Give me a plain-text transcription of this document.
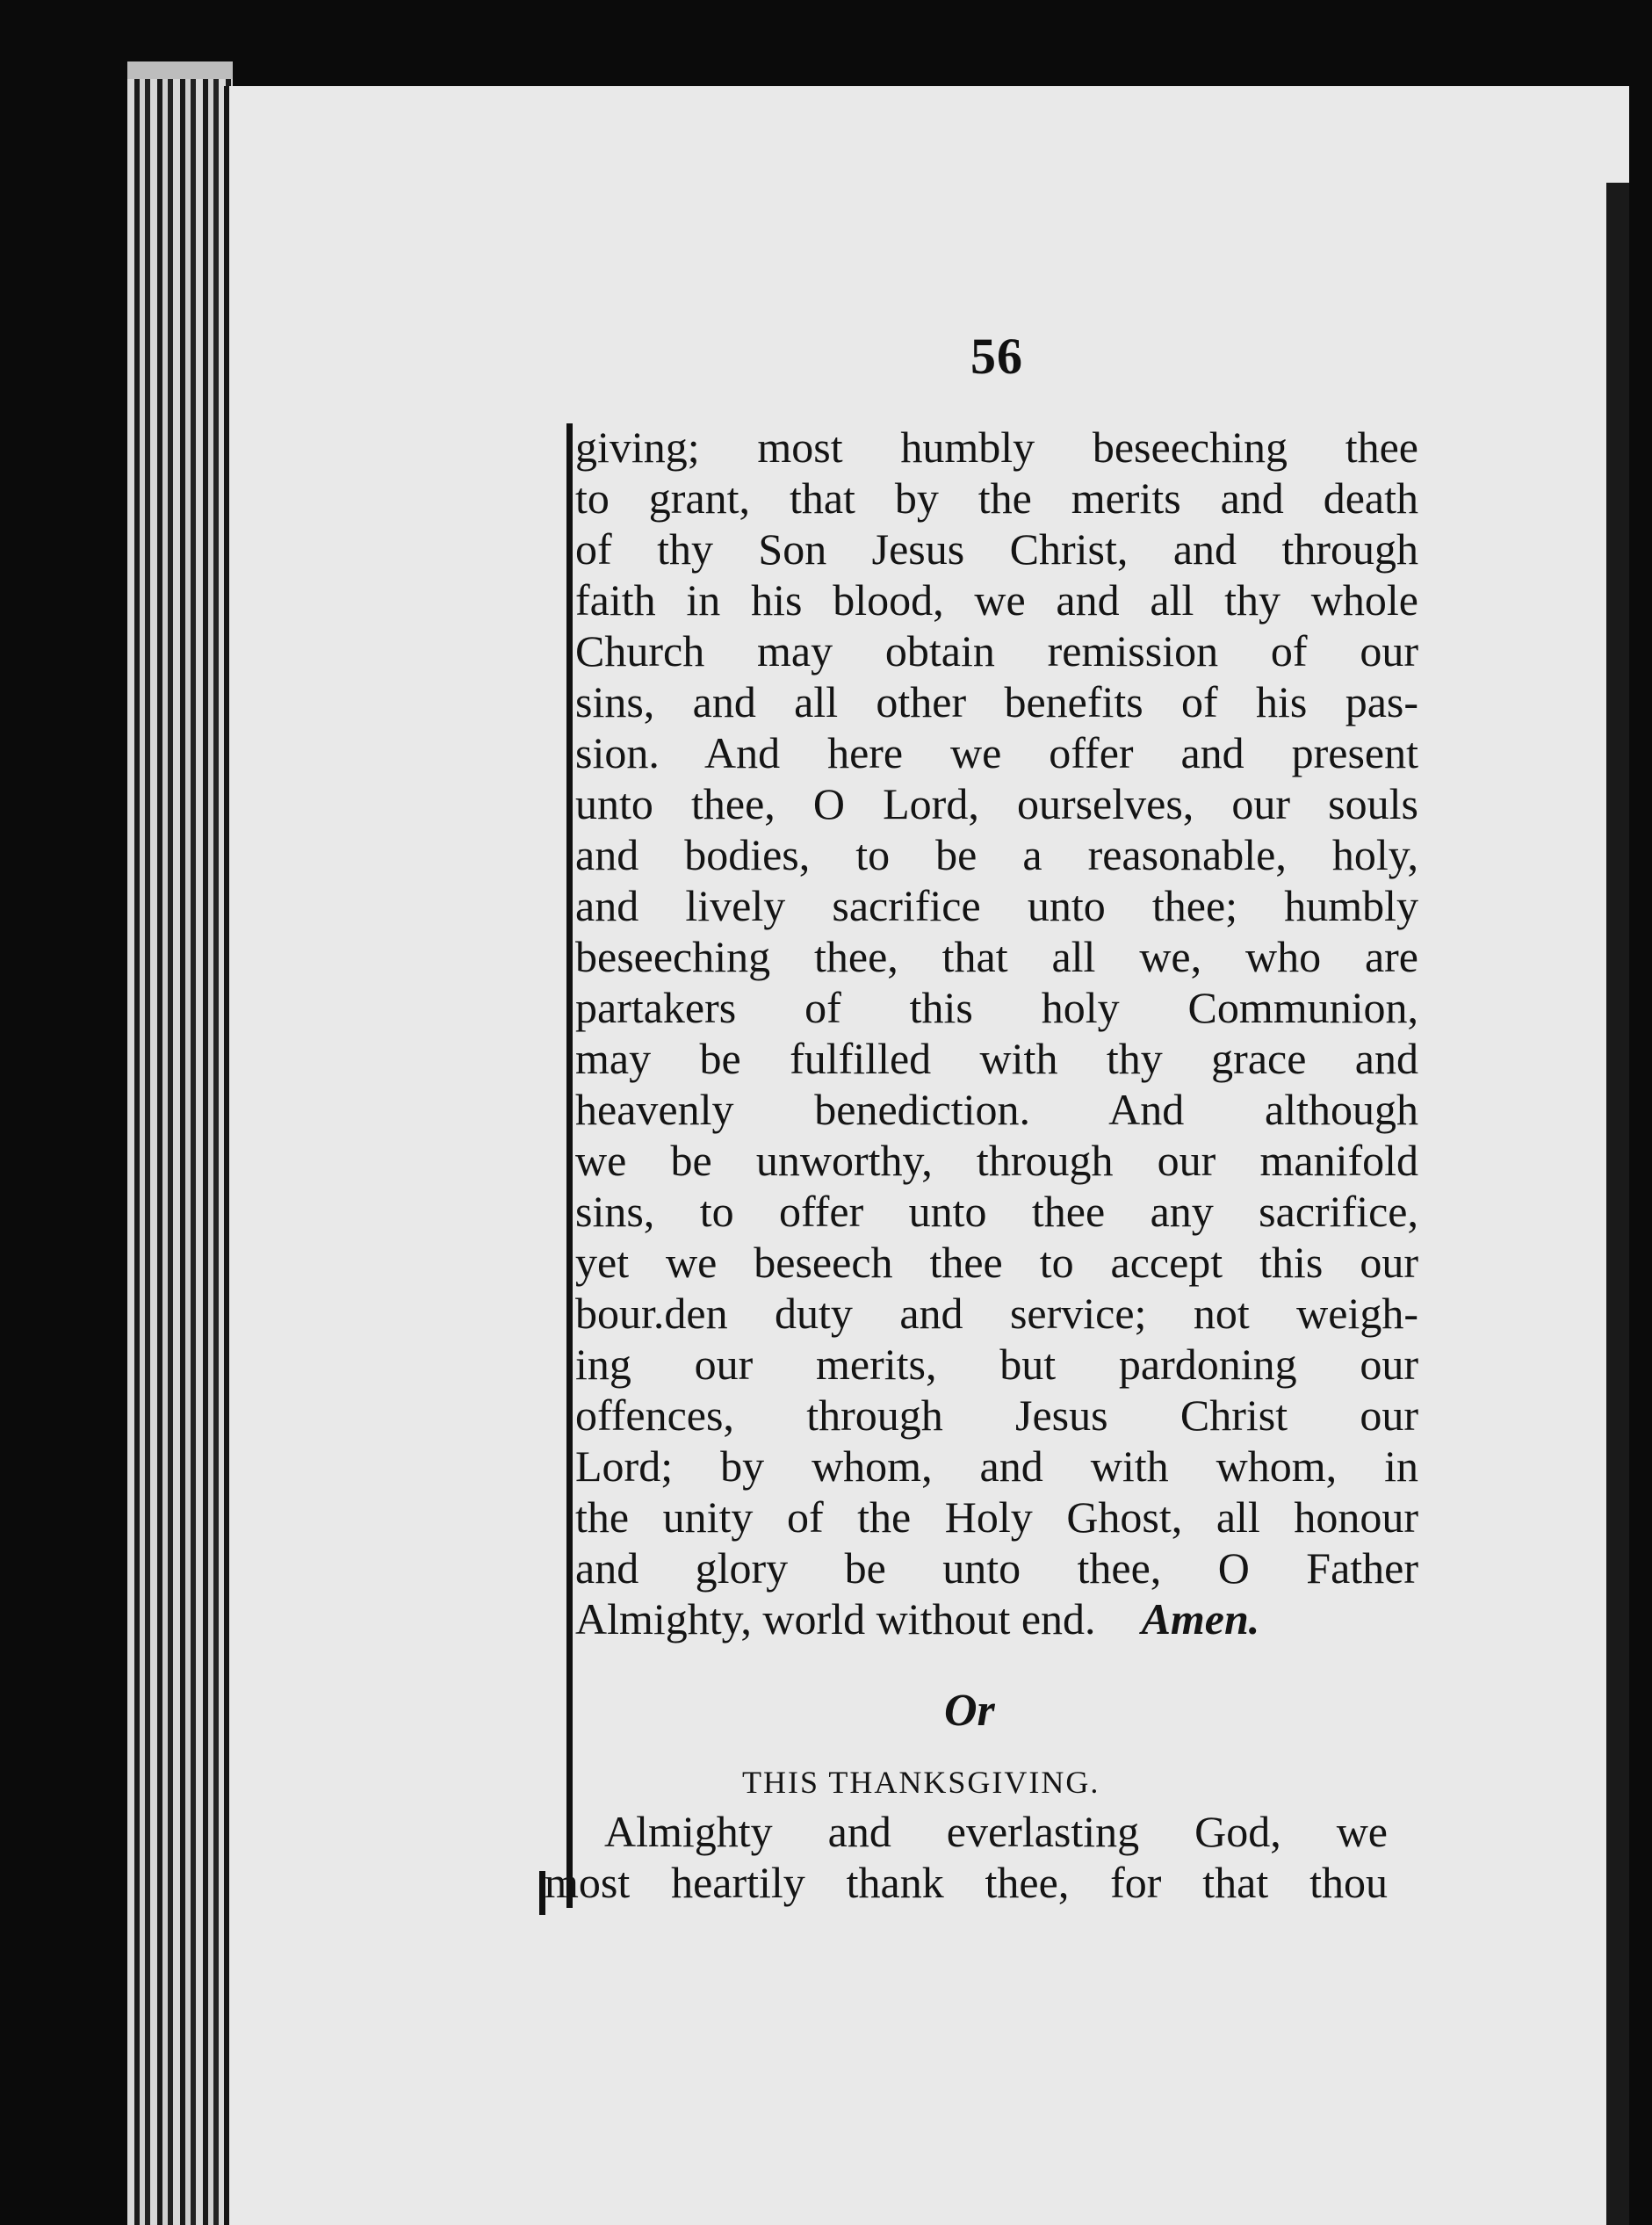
56
giving; most humbly beseeching thee
to grant, that by the merits and death
of thy Son Jesus Christ, and through
faith in his blood, we and all thy whole
Church may obtain remission of our
sins, and all other benefits of his pas-
sion. And here we offer and present
unto thee, O Lord, ourselves, our souls
and bodies, to be a reasonable, holy,
and lively sacrifice unto thee; humbly
beseeching thee, that all we, who are
partakers of this holy Communion,
may be fulfilled with thy grace and
heavenly benediction. And although
we be unworthy, through our manifold
sins, to offer unto thee any sacrifice,
yet we beseech thee to accept this our
bour.den duty and service; not weigh-
ing our merits, but pardoning our
offences, through Jesus Christ our
Lord; by whom, and with whom, in
the unity of the Holy Ghost, all honour
and glory be unto thee, O Father
Almighty, world without end. Amen.
Or
THIS THANKSGIVING.
Almighty and everlasting God, we
most heartily thank thee, for that thou
